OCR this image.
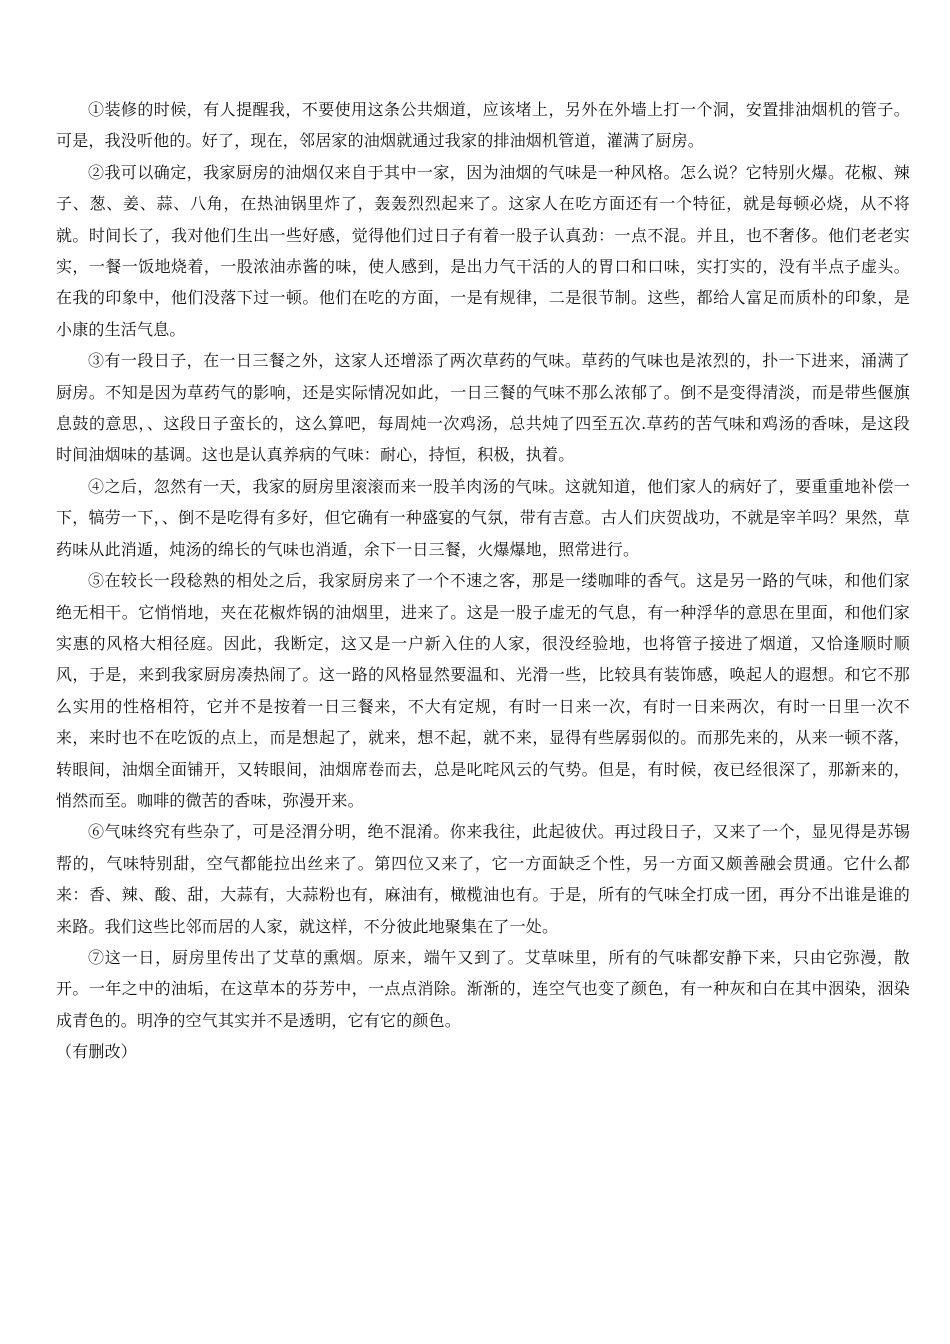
①装修的时候，有人提醒我，不要使用这条公共烟道，应该堵上，另外在外墙上打一个洞，安置排油烟机的管子。可是，我没听他的。好了，现在，邻居家的油烟就通过我家的排油烟机管道，灌满了厨房。

②我可以确定，我家厨房的油烟仅来自于其中一家，因为油烟的气味是一种风格。怎么说？它特别火爆。花椒、辣子、葱、姜、蒜、八角，在热油锅里炸了，轰轰烈烈起来了。这家人在吃方面还有一个特征，就是每顿必烧，从不将就。时间长了，我对他们生出一些好感，觉得他们过日子有着一股子认真劲：一点不混。并且，也不奢侈。他们老老实实，一餐一饭地烧着，一股浓油赤酱的味，使人感到，是出力气干活的人的胃口和口味，实打实的，没有半点子虚头。在我的印象中，他们没落下过一顿。他们在吃的方面，一是有规律，二是很节制。这些，都给人富足而质朴的印象，是小康的生活气息。

③有一段日子，在一日三餐之外，这家人还增添了两次草药的气味。草药的气味也是浓烈的，扑一下进来，涌满了厨房。不知是因为草药气的影响，还是实际情况如此，一日三餐的气味不那么浓郁了。倒不是变得清淡，而是带些偃旗息鼓的意思，、这段日子蛮长的，这么算吧，每周炖一次鸡汤，总共炖了四至五次.草药的苦气味和鸡汤的香味，是这段时间油烟味的基调。这也是认真养病的气味：耐心，持恒，积极，执着。

④之后，忽然有一天，我家的厨房里滚滚而来一股羊肉汤的气味。这就知道，他们家人的病好了，要重重地补偿一下，犒劳一下，、倒不是吃得有多好，但它确有一种盛宴的气氛，带有吉意。古人们庆贺战功，不就是宰羊吗？果然，草药味从此消遁，炖汤的绵长的气味也消遁，余下一日三餐，火爆爆地，照常进行。

⑤在较长一段稔熟的相处之后，我家厨房来了一个不速之客，那是一缕咖啡的香气。这是另一路的气味，和他们家绝无相干。它悄悄地，夹在花椒炸锅的油烟里，进来了。这是一股子虚无的气息，有一种浮华的意思在里面，和他们家实惠的风格大相径庭。因此，我断定，这又是一户新入住的人家，很没经验地，也将管子接进了烟道，又恰逢顺时顺风，于是，来到我家厨房凑热闹了。这一路的风格显然要温和、光滑一些，比较具有装饰感，唤起人的遐想。和它不那么实用的性格相符，它并不是按着一日三餐来，不大有定规，有时一日来一次，有时一日来两次，有时一日里一次不来，来时也不在吃饭的点上，而是想起了，就来，想不起，就不来，显得有些孱弱似的。而那先来的，从来一顿不落，转眼间，油烟全面铺开，又转眼间，油烟席卷而去，总是叱咤风云的气势。但是，有时候，夜已经很深了，那新来的，悄然而至。咖啡的微苦的香味，弥漫开来。

⑥气味终究有些杂了，可是泾渭分明，绝不混淆。你来我往，此起彼伏。再过段日子，又来了一个，显见得是苏锡帮的，气味特别甜，空气都能拉出丝来了。第四位又来了，它一方面缺乏个性，另一方面又颇善融会贯通。它什么都来：香、辣、酸、甜，大蒜有，大蒜粉也有，麻油有，橄榄油也有。于是，所有的气味全打成一团，再分不出谁是谁的来路。我们这些比邻而居的人家，就这样，不分彼此地聚集在了一处。

⑦这一日，厨房里传出了艾草的熏烟。原来，端午又到了。艾草味里，所有的气味都安静下来，只由它弥漫，散开。一年之中的油垢，在这草本的芬芳中，一点点消除。渐渐的，连空气也变了颜色，有一种灰和白在其中洇染，洇染成青色的。明净的空气其实并不是透明，它有它的颜色。

（有删改）
